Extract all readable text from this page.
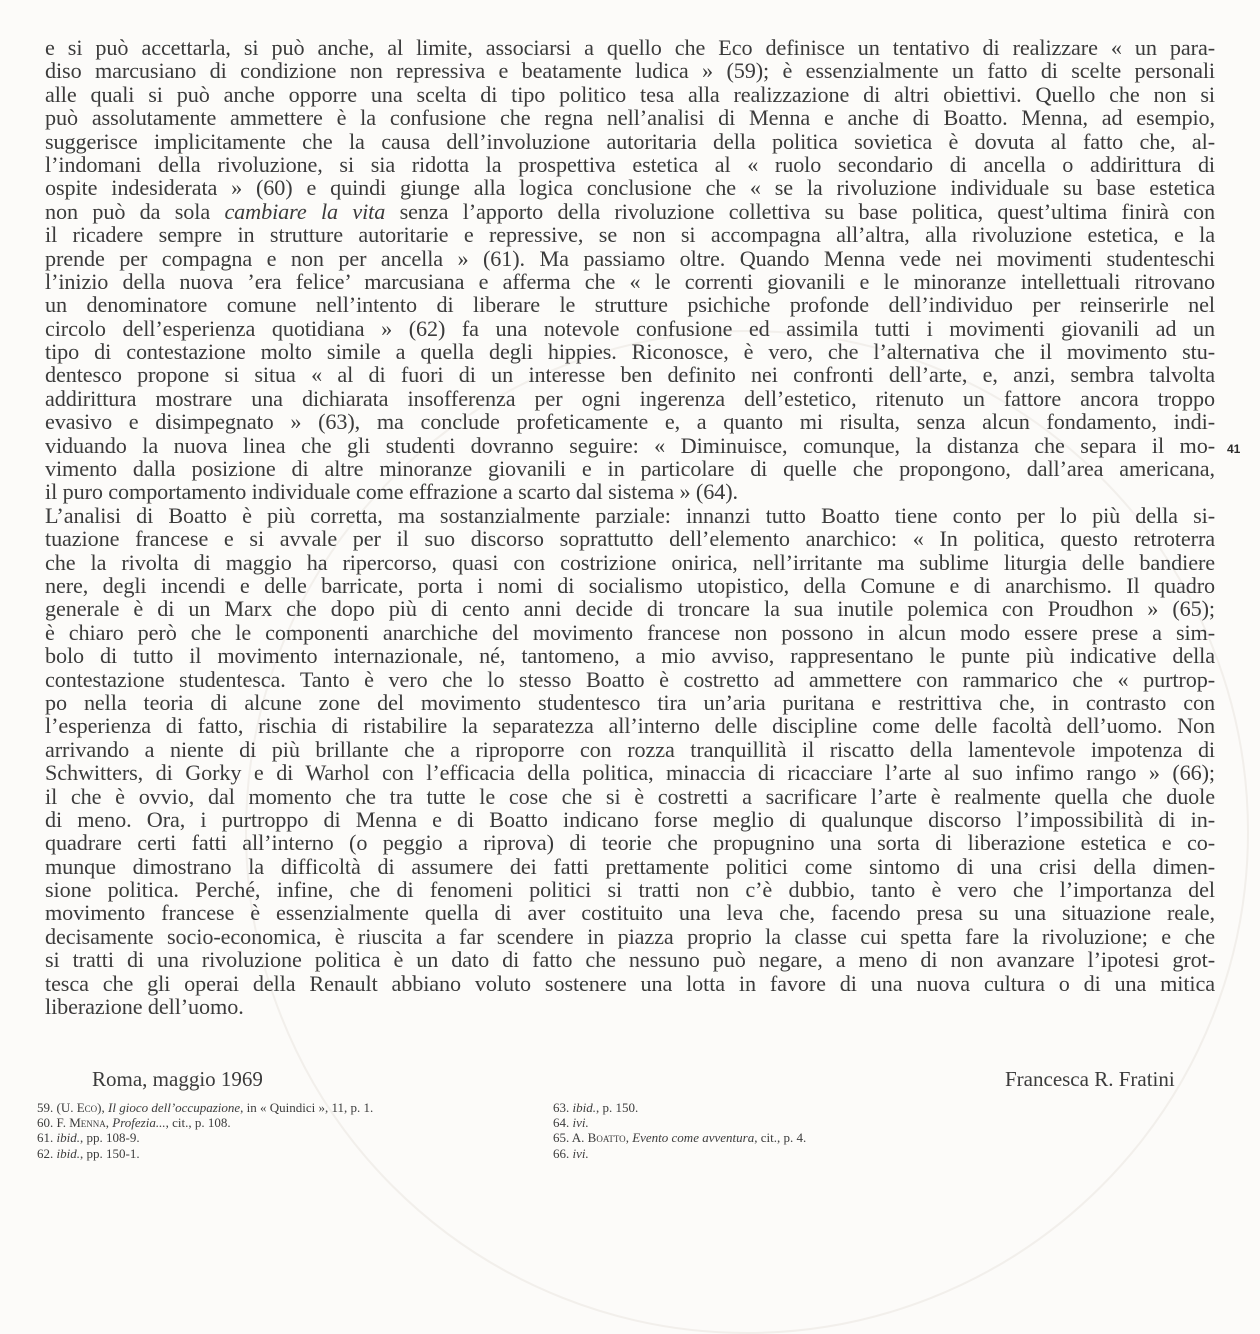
e si può accettarla, si può anche, al limite, associarsi a quello che Eco definisce un tentativo di realizzare « un para-
diso marcusiano di condizione non repressiva e beatamente ludica » (59); è essenzialmente un fatto di scelte personali
alle quali si può anche opporre una scelta di tipo politico tesa alla realizzazione di altri obiettivi. Quello che non si
può assolutamente ammettere è la confusione che regna nell’analisi di Menna e anche di Boatto. Menna, ad esempio,
suggerisce implicitamente che la causa dell’involuzione autoritaria della politica sovietica è dovuta al fatto che, al-
l’indomani della rivoluzione, si sia ridotta la prospettiva estetica al « ruolo secondario di ancella o addirittura di
ospite indesiderata » (60) e quindi giunge alla logica conclusione che « se la rivoluzione individuale su base estetica
non può da sola cambiare la vita senza l’apporto della rivoluzione collettiva su base politica, quest’ultima finirà con
il ricadere sempre in strutture autoritarie e repressive, se non si accompagna all’altra, alla rivoluzione estetica, e la
prende per compagna e non per ancella » (61). Ma passiamo oltre. Quando Menna vede nei movimenti studenteschi
l’inizio della nuova ’era felice’ marcusiana e afferma che « le correnti giovanili e le minoranze intellettuali ritrovano
un denominatore comune nell’intento di liberare le strutture psichiche profonde dell’individuo per reinserirle nel
circolo dell’esperienza quotidiana » (62) fa una notevole confusione ed assimila tutti i movimenti giovanili ad un
tipo di contestazione molto simile a quella degli hippies. Riconosce, è vero, che l’alternativa che il movimento stu-
dentesco propone si situa « al di fuori di un interesse ben definito nei confronti dell’arte, e, anzi, sembra talvolta
addirittura mostrare una dichiarata insofferenza per ogni ingerenza dell’estetico, ritenuto un fattore ancora troppo
evasivo e disimpegnato » (63), ma conclude profeticamente e, a quanto mi risulta, senza alcun fondamento, indi-
viduando la nuova linea che gli studenti dovranno seguire: « Diminuisce, comunque, la distanza che separa il mo-
vimento dalla posizione di altre minoranze giovanili e in particolare di quelle che propongono, dall’area americana,
il puro comportamento individuale come effrazione a scarto dal sistema » (64).
L’analisi di Boatto è più corretta, ma sostanzialmente parziale: innanzi tutto Boatto tiene conto per lo più della si-
tuazione francese e si avvale per il suo discorso soprattutto dell’elemento anarchico: « In politica, questo retroterra
che la rivolta di maggio ha ripercorso, quasi con costrizione onirica, nell’irritante ma sublime liturgia delle bandiere
nere, degli incendi e delle barricate, porta i nomi di socialismo utopistico, della Comune e di anarchismo. Il quadro
generale è di un Marx che dopo più di cento anni decide di troncare la sua inutile polemica con Proudhon » (65);
è chiaro però che le componenti anarchiche del movimento francese non possono in alcun modo essere prese a sim-
bolo di tutto il movimento internazionale, né, tantomeno, a mio avviso, rappresentano le punte più indicative della
contestazione studentesca. Tanto è vero che lo stesso Boatto è costretto ad ammettere con rammarico che « purtrop-
po nella teoria di alcune zone del movimento studentesco tira un’aria puritana e restrittiva che, in contrasto con
l’esperienza di fatto, rischia di ristabilire la separatezza all’interno delle discipline come delle facoltà dell’uomo. Non
arrivando a niente di più brillante che a riproporre con rozza tranquillità il riscatto della lamentevole impotenza di
Schwitters, di Gorky e di Warhol con l’efficacia della politica, minaccia di ricacciare l’arte al suo infimo rango » (66);
il che è ovvio, dal momento che tra tutte le cose che si è costretti a sacrificare l’arte è realmente quella che duole
di meno. Ora, i purtroppo di Menna e di Boatto indicano forse meglio di qualunque discorso l’impossibilità di in-
quadrare certi fatti all’interno (o peggio a riprova) di teorie che propugnino una sorta di liberazione estetica e co-
munque dimostrano la difficoltà di assumere dei fatti prettamente politici come sintomo di una crisi della dimen-
sione politica. Perché, infine, che di fenomeni politici si tratti non c’è dubbio, tanto è vero che l’importanza del
movimento francese è essenzialmente quella di aver costituito una leva che, facendo presa su una situazione reale,
decisamente socio-economica, è riuscita a far scendere in piazza proprio la classe cui spetta fare la rivoluzione; e che
si tratti di una rivoluzione politica è un dato di fatto che nessuno può negare, a meno di non avanzare l’ipotesi grot-
tesca che gli operai della Renault abbiano voluto sostenere una lotta in favore di una nuova cultura o di una mitica
liberazione dell’uomo.
41
Roma, maggio 1969	Francesca R. Fratini
59. (U. Eco), Il gioco dell’occupazione, in « Quindici », 11, p. 1.
60. F. Menna, Profezia..., cit., p. 108.
61. ibid., pp. 108-9.
62. ibid., pp. 150-1.
63. ibid., p. 150.
64. ivi.
65. A. Boatto, Evento come avventura, cit., p. 4.
66. ivi.
